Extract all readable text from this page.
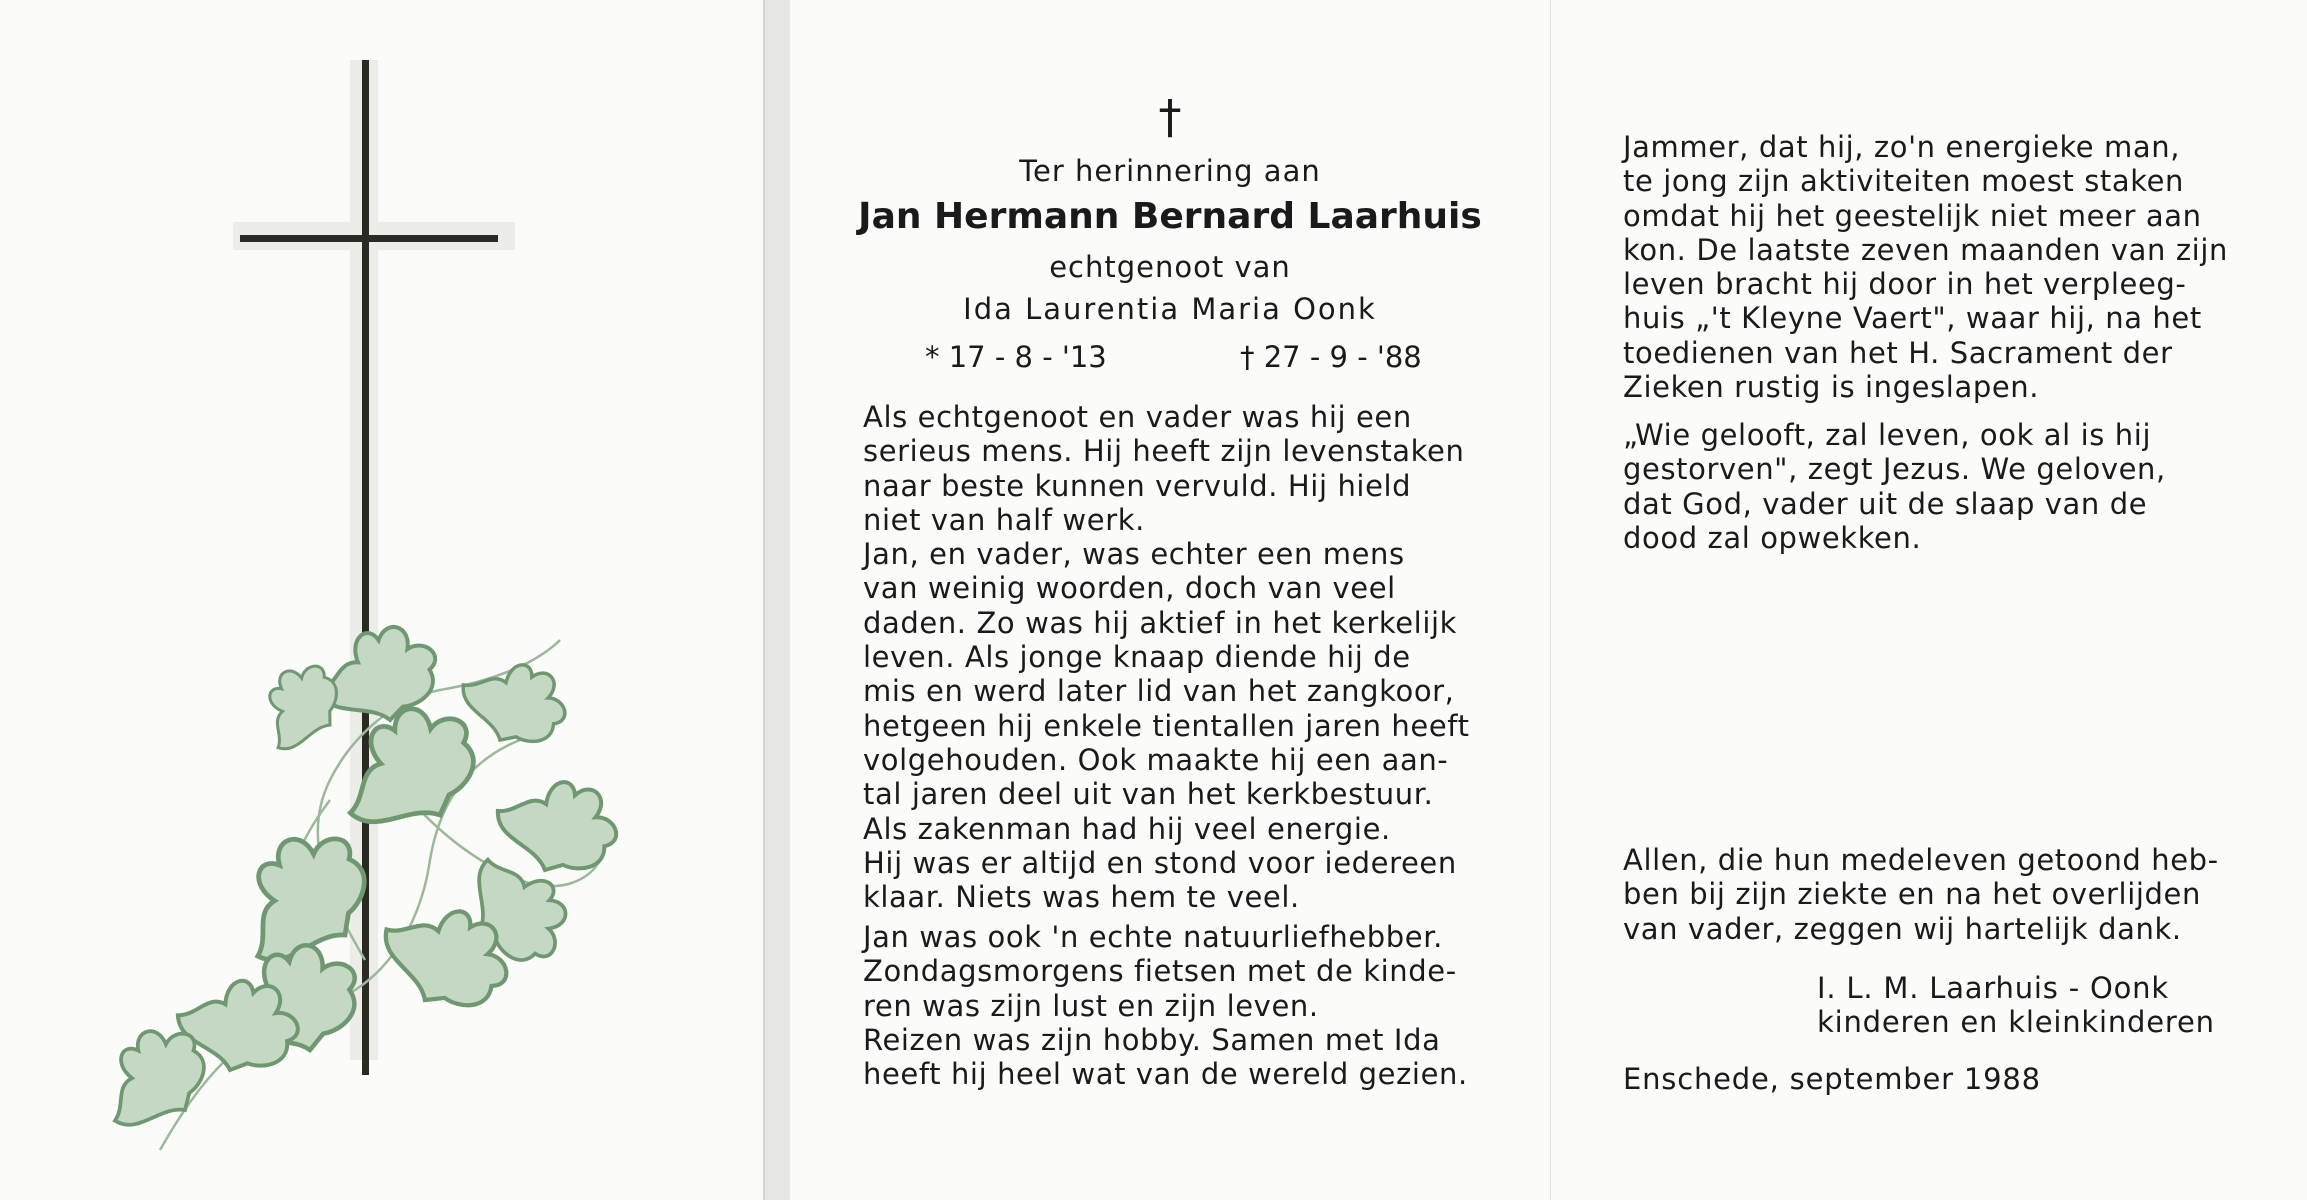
†
Ter herinnering aan
Jan Hermann Bernard Laarhuis
echtgenoot van
Ida Laurentia Maria Oonk
* 17 - 8 - '13	† 27 - 9 - '88
Als echtgenoot en vader was hij een
serieus mens. Hij heeft zijn levenstaken
naar beste kunnen vervuld. Hij hield
niet van half werk.
Jan, en vader, was echter een mens
van weinig woorden, doch van veel
daden. Zo was hij aktief in het kerkelijk
leven. Als jonge knaap diende hij de
mis en werd later lid van het zangkoor,
hetgeen hij enkele tientallen jaren heeft
volgehouden. Ook maakte hij een aan-
tal jaren deel uit van het kerkbestuur.
Als zakenman had hij veel energie.
Hij was er altijd en stond voor iedereen
klaar. Niets was hem te veel.
Jan was ook 'n echte natuurliefhebber.
Zondagsmorgens fietsen met de kinde-
ren was zijn lust en zijn leven.
Reizen was zijn hobby. Samen met Ida
heeft hij heel wat van de wereld gezien.
Jammer, dat hij, zo'n energieke man,
te jong zijn aktiviteiten moest staken
omdat hij het geestelijk niet meer aan
kon. De laatste zeven maanden van zijn
leven bracht hij door in het verpleeg-
huis „'t Kleyne Vaert", waar hij, na het
toedienen van het H. Sacrament der
Zieken rustig is ingeslapen.
„Wie gelooft, zal leven, ook al is hij
gestorven", zegt Jezus. We geloven,
dat God, vader uit de slaap van de
dood zal opwekken.
Allen, die hun medeleven getoond heb-
ben bij zijn ziekte en na het overlijden
van vader, zeggen wij hartelijk dank.
I. L. M. Laarhuis - Oonk
kinderen en kleinkinderen
Enschede, september 1988
